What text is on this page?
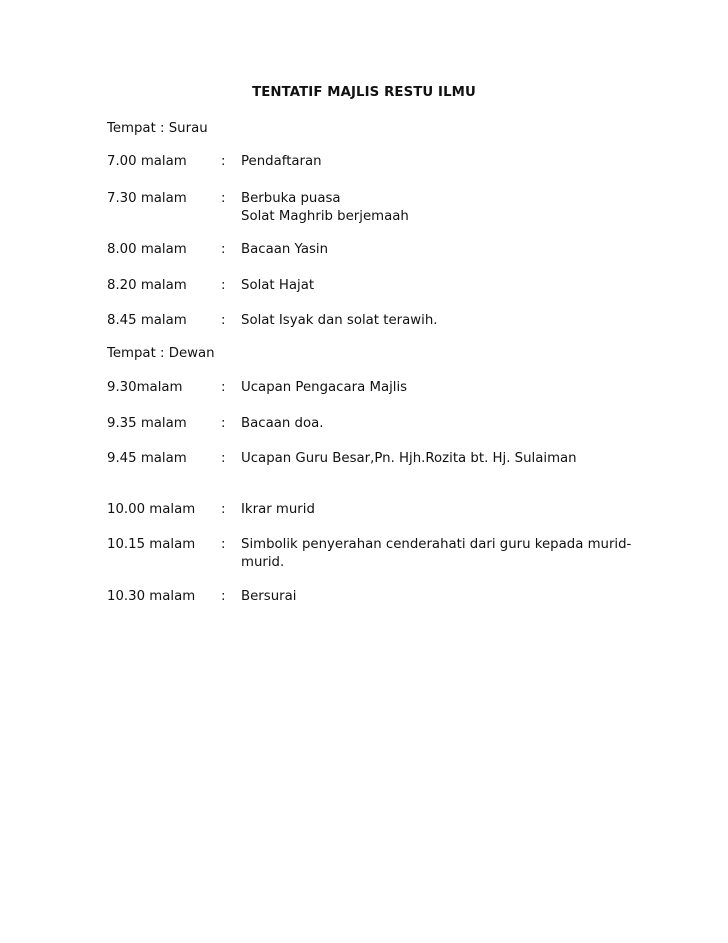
TENTATIF MAJLIS RESTU ILMU
Tempat : Surau
7.00 malam	: Pendaftaran
7.30 malam	: Berbuka puasa
Solat Maghrib berjemaah
8.00 malam	: Bacaan Yasin
8.20 malam	: Solat Hajat
8.45 malam	: Solat Isyak dan solat terawih.
Tempat : Dewan
9.30malam	: Ucapan Pengacara Majlis
9.35 malam	: Bacaan doa.
9.45 malam	: Ucapan Guru Besar,Pn. Hjh.Rozita bt. Hj. Sulaiman
10.00 malam : Ikrar murid
10.15 malam : Simbolik penyerahan cenderahati dari guru kepada murid-
murid.
10.30 malam : Bersurai
